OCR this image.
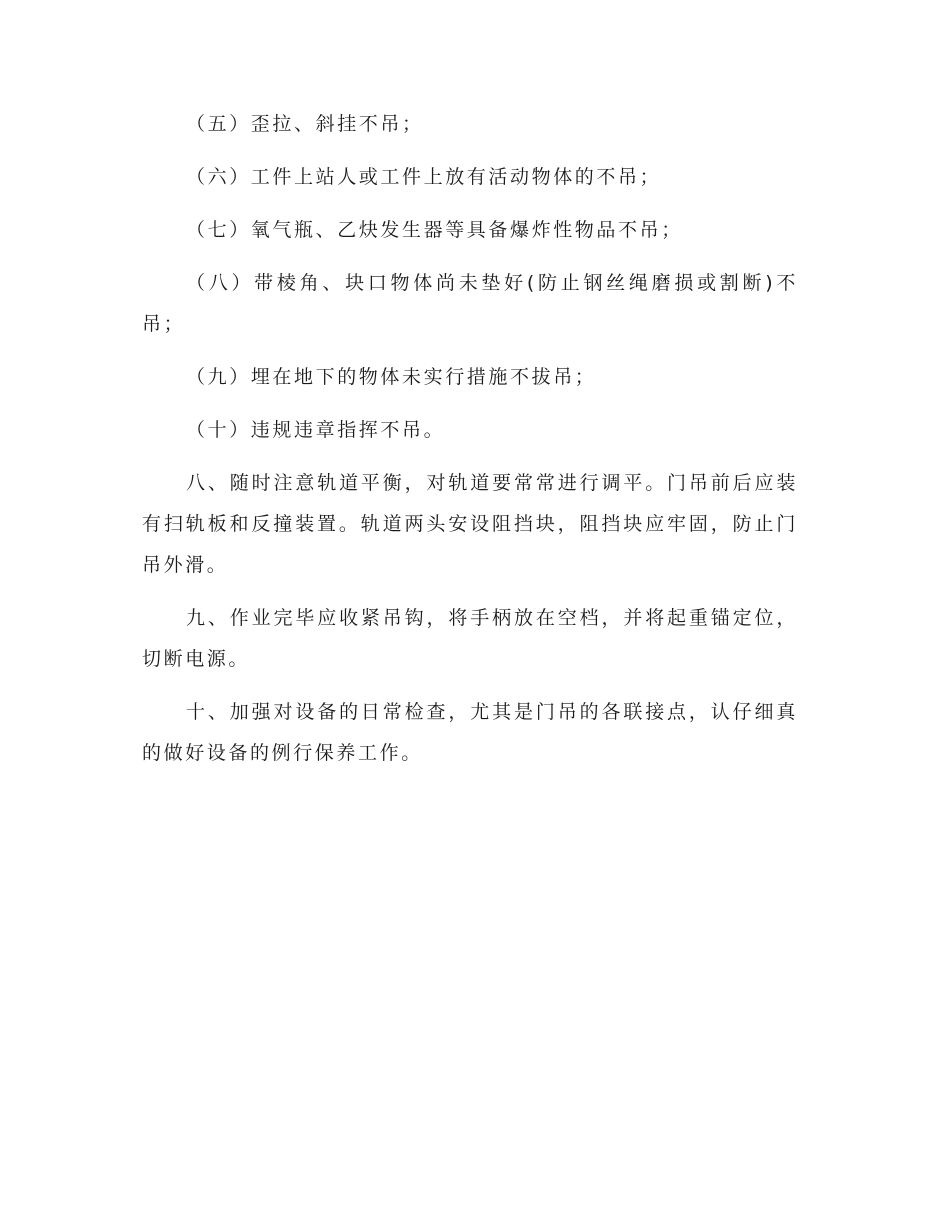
（五）歪拉、斜挂不吊；

（六）工件上站人或工件上放有活动物体的不吊；

（七）氧气瓶、乙炔发生器等具备爆炸性物品不吊；

（八）带棱角、块口物体尚未垫好(防止钢丝绳磨损或割断)不吊；

（九）埋在地下的物体未实行措施不拔吊；

（十）违规违章指挥不吊。

八、随时注意轨道平衡，对轨道要常常进行调平。门吊前后应装有扫轨板和反撞装置。轨道两头安设阻挡块，阻挡块应牢固，防止门吊外滑。

九、作业完毕应收紧吊钩，将手柄放在空档，并将起重锚定位，切断电源。

十、加强对设备的日常检查，尤其是门吊的各联接点，认仔细真的做好设备的例行保养工作。
